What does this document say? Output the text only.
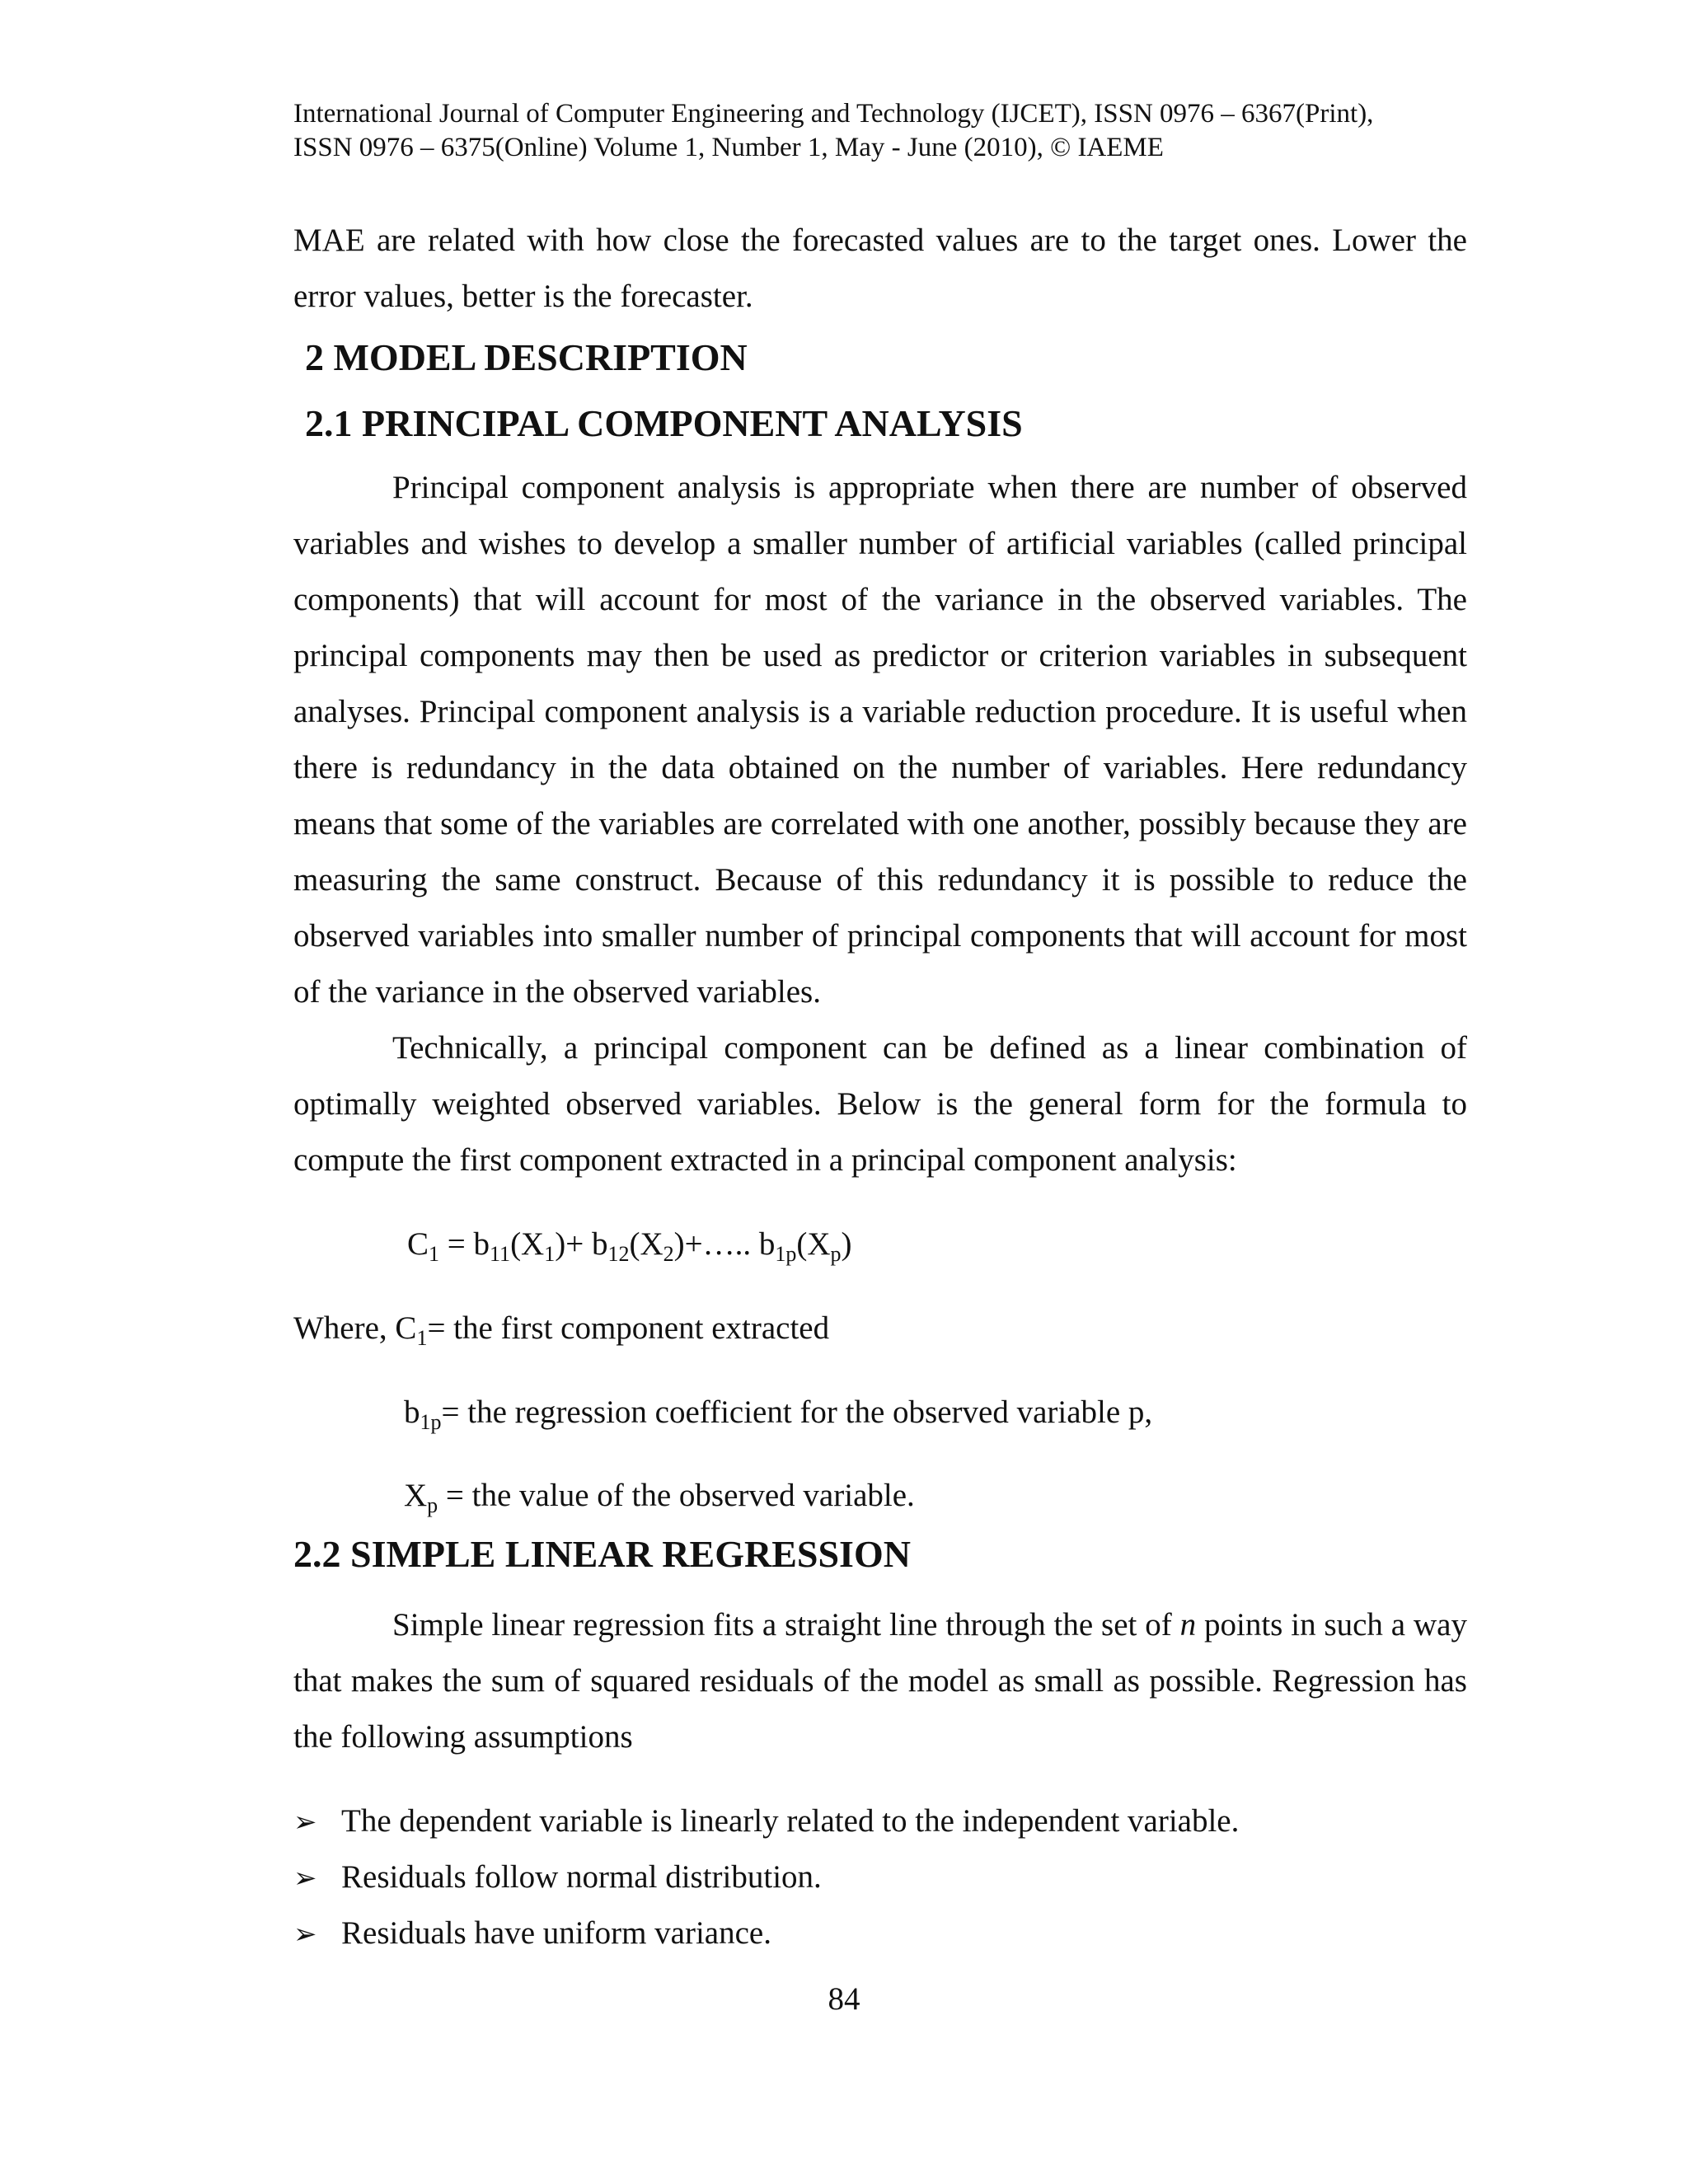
International Journal of Computer Engineering and Technology (IJCET), ISSN 0976 – 6367(Print),
ISSN 0976 – 6375(Online) Volume 1, Number 1, May - June (2010), © IAEME
MAE are related with how close the forecasted values are to the target ones. Lower the error values, better is the forecaster.
2 MODEL DESCRIPTION
2.1 PRINCIPAL COMPONENT ANALYSIS
Principal component analysis is appropriate when there are number of observed variables and wishes to develop a smaller number of artificial variables (called principal components) that will account for most of the variance in the observed variables. The principal components may then be used as predictor or criterion variables in subsequent analyses. Principal component analysis is a variable reduction procedure. It is useful when there is redundancy in the data obtained on the number of variables. Here redundancy means that some of the variables are correlated with one another, possibly because they are measuring the same construct. Because of this redundancy it is possible to reduce the observed variables into smaller number of principal components that will account for most of the variance in the observed variables.
Technically, a principal component can be defined as a linear combination of optimally weighted observed variables. Below is the general form for the formula to compute the first component extracted in a principal component analysis:
$C_1 = b_{11}(X_1)+$ $b_{12}(X_2)+\dots$.. $b_{1p}(X_p)$
Where, $C_1=$ the first component extracted
$b_{1p}=$ the regression coefficient for the observed variable p,
$X_p$ = the value of the observed variable.
2.2 SIMPLE LINEAR REGRESSION
Simple linear regression fits a straight line through the set of n points in such a way that makes the sum of squared residuals of the model as small as possible. Regression has the following assumptions
➢ The dependent variable is linearly related to the independent variable.
➢ Residuals follow normal distribution.
➢ Residuals have uniform variance.
84
